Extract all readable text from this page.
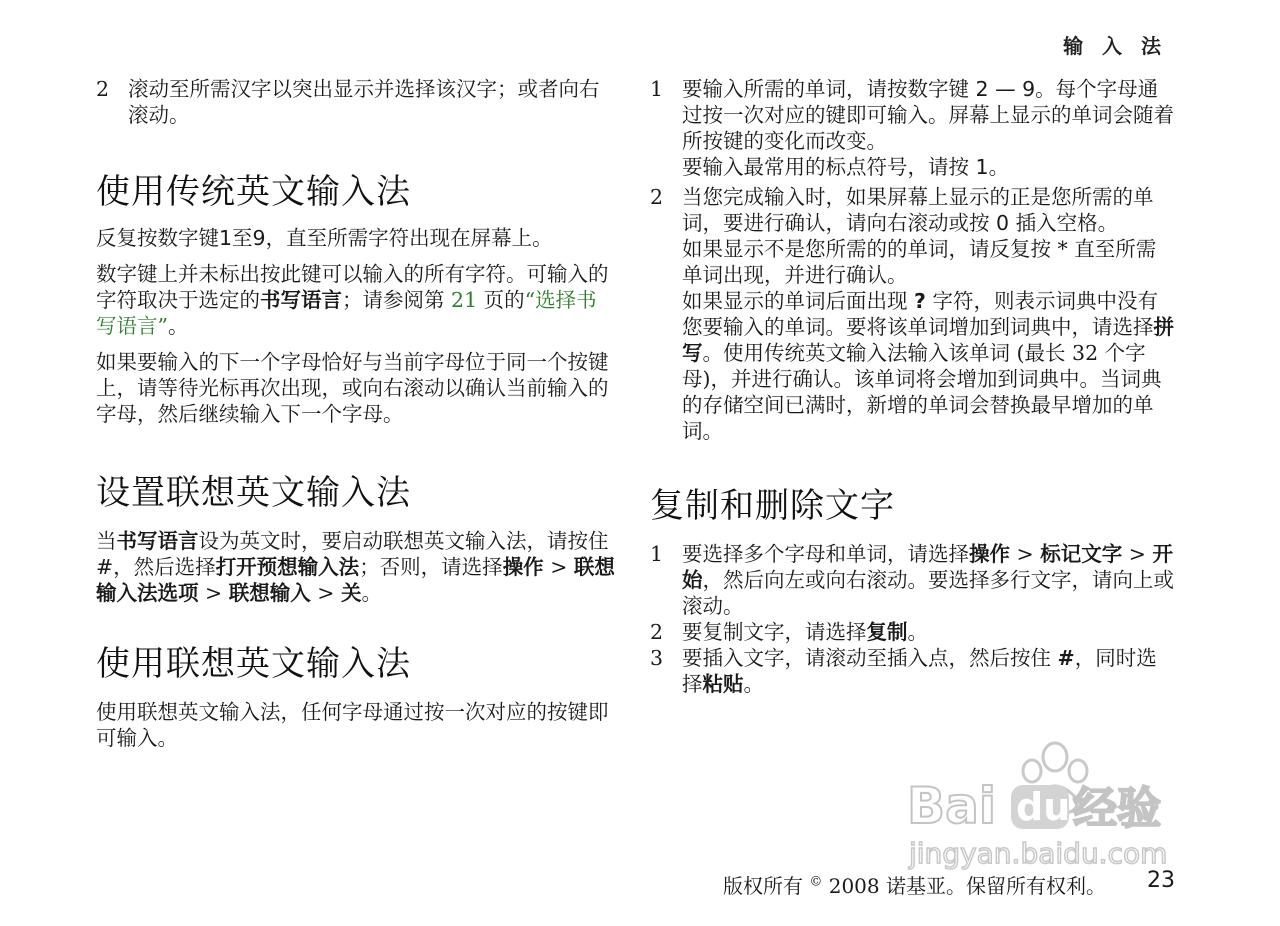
输 入 法
2 滚动至所需汉字以突出显示并选择该汉字；或者向右滚动。

使用传统英文输入法

反复按数字键1至9，直至所需字符出现在屏幕上。

数字键上并未标出按此键可以输入的所有字符。可输入的字符取决于选定的书写语言；请参阅第 21 页的“选择书写语言”。

如果要输入的下一个字母恰好与当前字母位于同一个按键上，请等待光标再次出现，或向右滚动以确认当前输入的字母，然后继续输入下一个字母。

设置联想英文输入法

当书写语言设为英文时，要启动联想英文输入法，请按住 #，然后选择打开预想输入法；否则，请选择操作 > 联想输入法选项 > 联想输入 > 关。

使用联想英文输入法

使用联想英文输入法，任何字母通过按一次对应的按键即可输入。

1 要输入所需的单词，请按数字键 2 — 9。每个字母通过按一次对应的键即可输入。屏幕上显示的单词会随着所按键的变化而改变。

要输入最常用的标点符号，请按 1。

2 当您完成输入时，如果屏幕上显示的正是您所需的单词，要进行确认，请向右滚动或按 0 插入空格。

如果显示不是您所需的的单词，请反复按 * 直至所需单词出现，并进行确认。

如果显示的单词后面出现 ? 字符，则表示词典中没有您要输入的单词。要将该单词增加到词典中，请选择拼写。使用传统英文输入法输入该单词 (最长 32 个字母)，并进行确认。该单词将会增加到词典中。当词典的存储空间已满时，新增的单词会替换最早增加的单词。

复制和删除文字
1 要选择多个字母和单词，请选择操作 > 标记文字 > 开始，然后向左或向右滚动。要选择多行文字，请向上或滚动。

2 要复制文字，请选择复制。

3 要插入文字，请滚动至插入点，然后按住 #，同时选择粘贴。

Bai du 经验
jingyan.baidu.com
版权所有 © 2008 诺基亚。保留所有权利。 23
